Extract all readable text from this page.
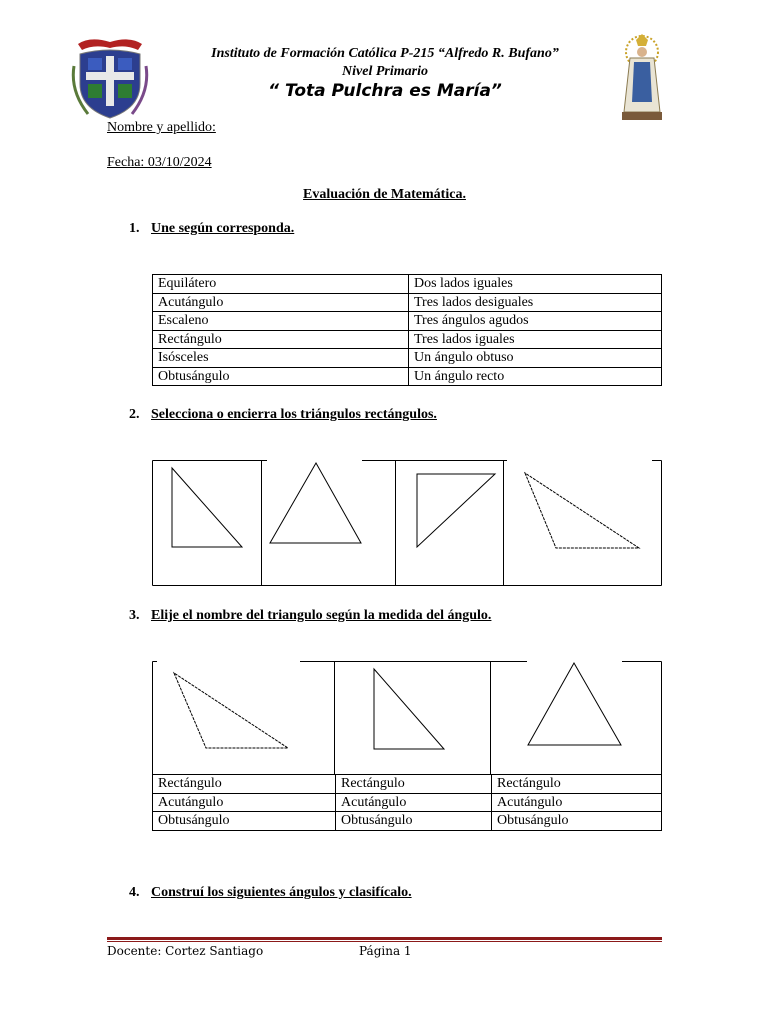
Instituto de Formación Católica P-215 “Alfredo R. Bufano”
Nivel Primario
“ Tota Pulchra es María”
Nombre y apellido:
Fecha: 03/10/2024
Evaluación de Matemática.
1. Une según corresponda.
Equilátero	Dos lados iguales
Acutángulo	Tres lados desiguales
Escaleno	Tres ángulos agudos
Rectángulo	Tres lados iguales
Isósceles	Un ángulo obtuso
Obtusángulo	Un ángulo recto
2. Selecciona o encierra los triángulos rectángulos.
3. Elije el nombre del triangulo según la medida del ángulo.
Rectángulo	Rectángulo	Rectángulo
Acutángulo	Acutángulo	Acutángulo
Obtusángulo	Obtusángulo	Obtusángulo
4. Construí los siguientes ángulos y clasifícalo.
Docente: Cortez Santiago	Página 1
